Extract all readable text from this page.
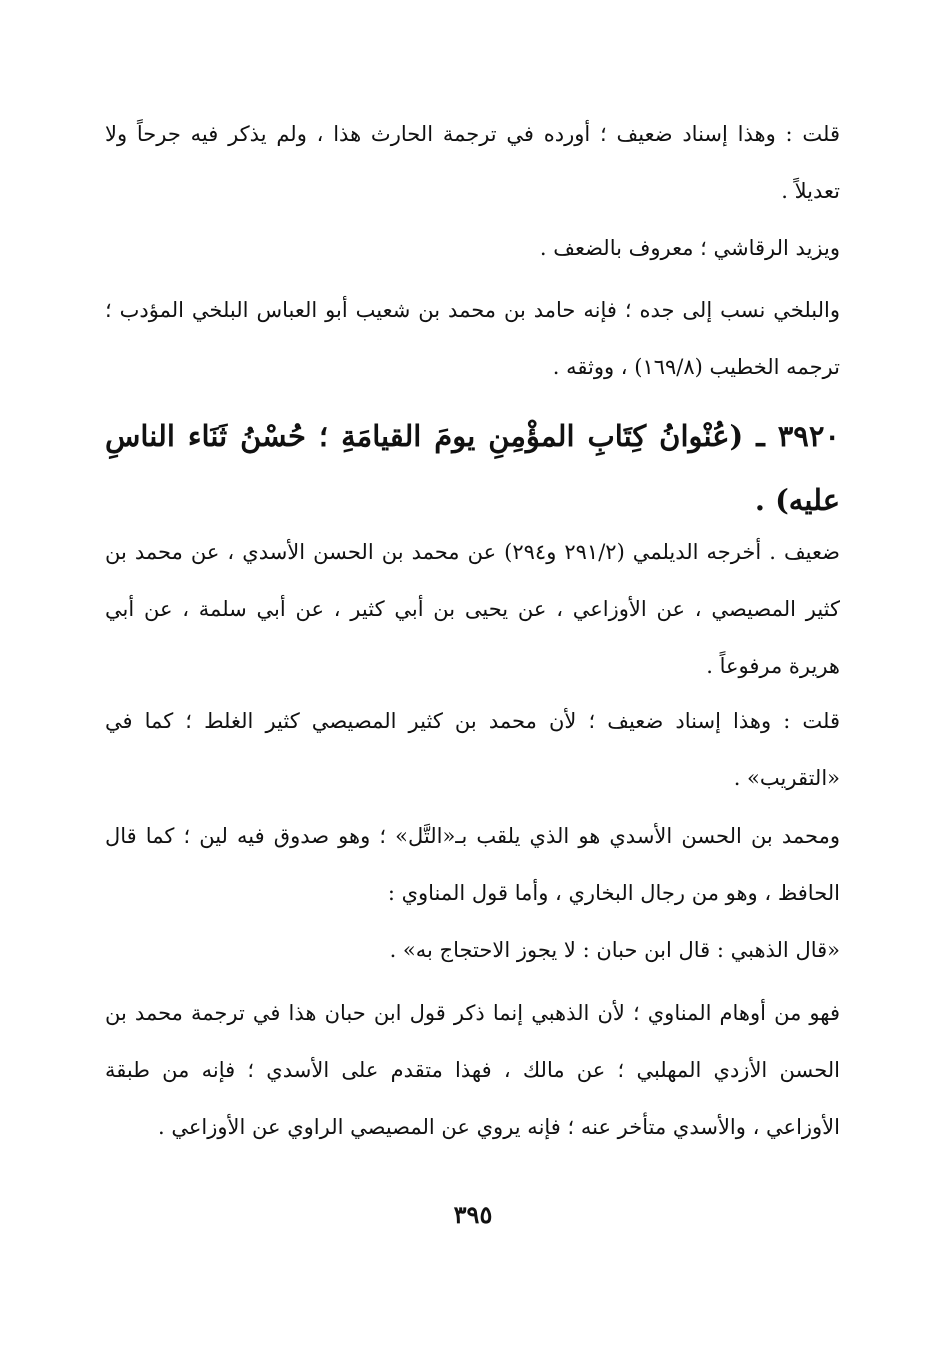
قلت : وهذا إسناد ضعيف ؛ أورده في ترجمة الحارث هذا ، ولم يذكر فيه جرحاً ولا تعديلاً .

ويزيد الرقاشي ؛ معروف بالضعف .

والبلخي نسب إلى جده ؛ فإنه حامد بن محمد بن شعيب أبو العباس البلخي المؤدب ؛ ترجمه الخطيب (١٦٩/٨) ، ووثقه .

٣٩٢٠ ـ (عُنْوانُ كِتَابِ المؤْمِنِ يومَ القيامَةِ ؛ حُسْنُ ثَنَاء الناسِ عليه) .

ضعيف . أخرجه الديلمي (٢٩١/٢ و٢٩٤) عن محمد بن الحسن الأسدي ، عن محمد بن كثير المصيصي ، عن الأوزاعي ، عن يحيى بن أبي كثير ، عن أبي سلمة ، عن أبي هريرة مرفوعاً .

قلت : وهذا إسناد ضعيف ؛ لأن محمد بن كثير المصيصي كثير الغلط ؛ كما في «التقريب» .

ومحمد بن الحسن الأسدي هو الذي يلقب بـ«التَّل» ؛ وهو صدوق فيه لين ؛ كما قال الحافظ ، وهو من رجال البخاري ، وأما قول المناوي :

«قال الذهبي : قال ابن حبان : لا يجوز الاحتجاج به» .

فهو من أوهام المناوي ؛ لأن الذهبي إنما ذكر قول ابن حبان هذا في ترجمة محمد بن الحسن الأزدي المهلبي ؛ عن مالك ، فهذا متقدم على الأسدي ؛ فإنه من طبقة الأوزاعي ، والأسدي متأخر عنه ؛ فإنه يروي عن المصيصي الراوي عن الأوزاعي .

٣٩٥
